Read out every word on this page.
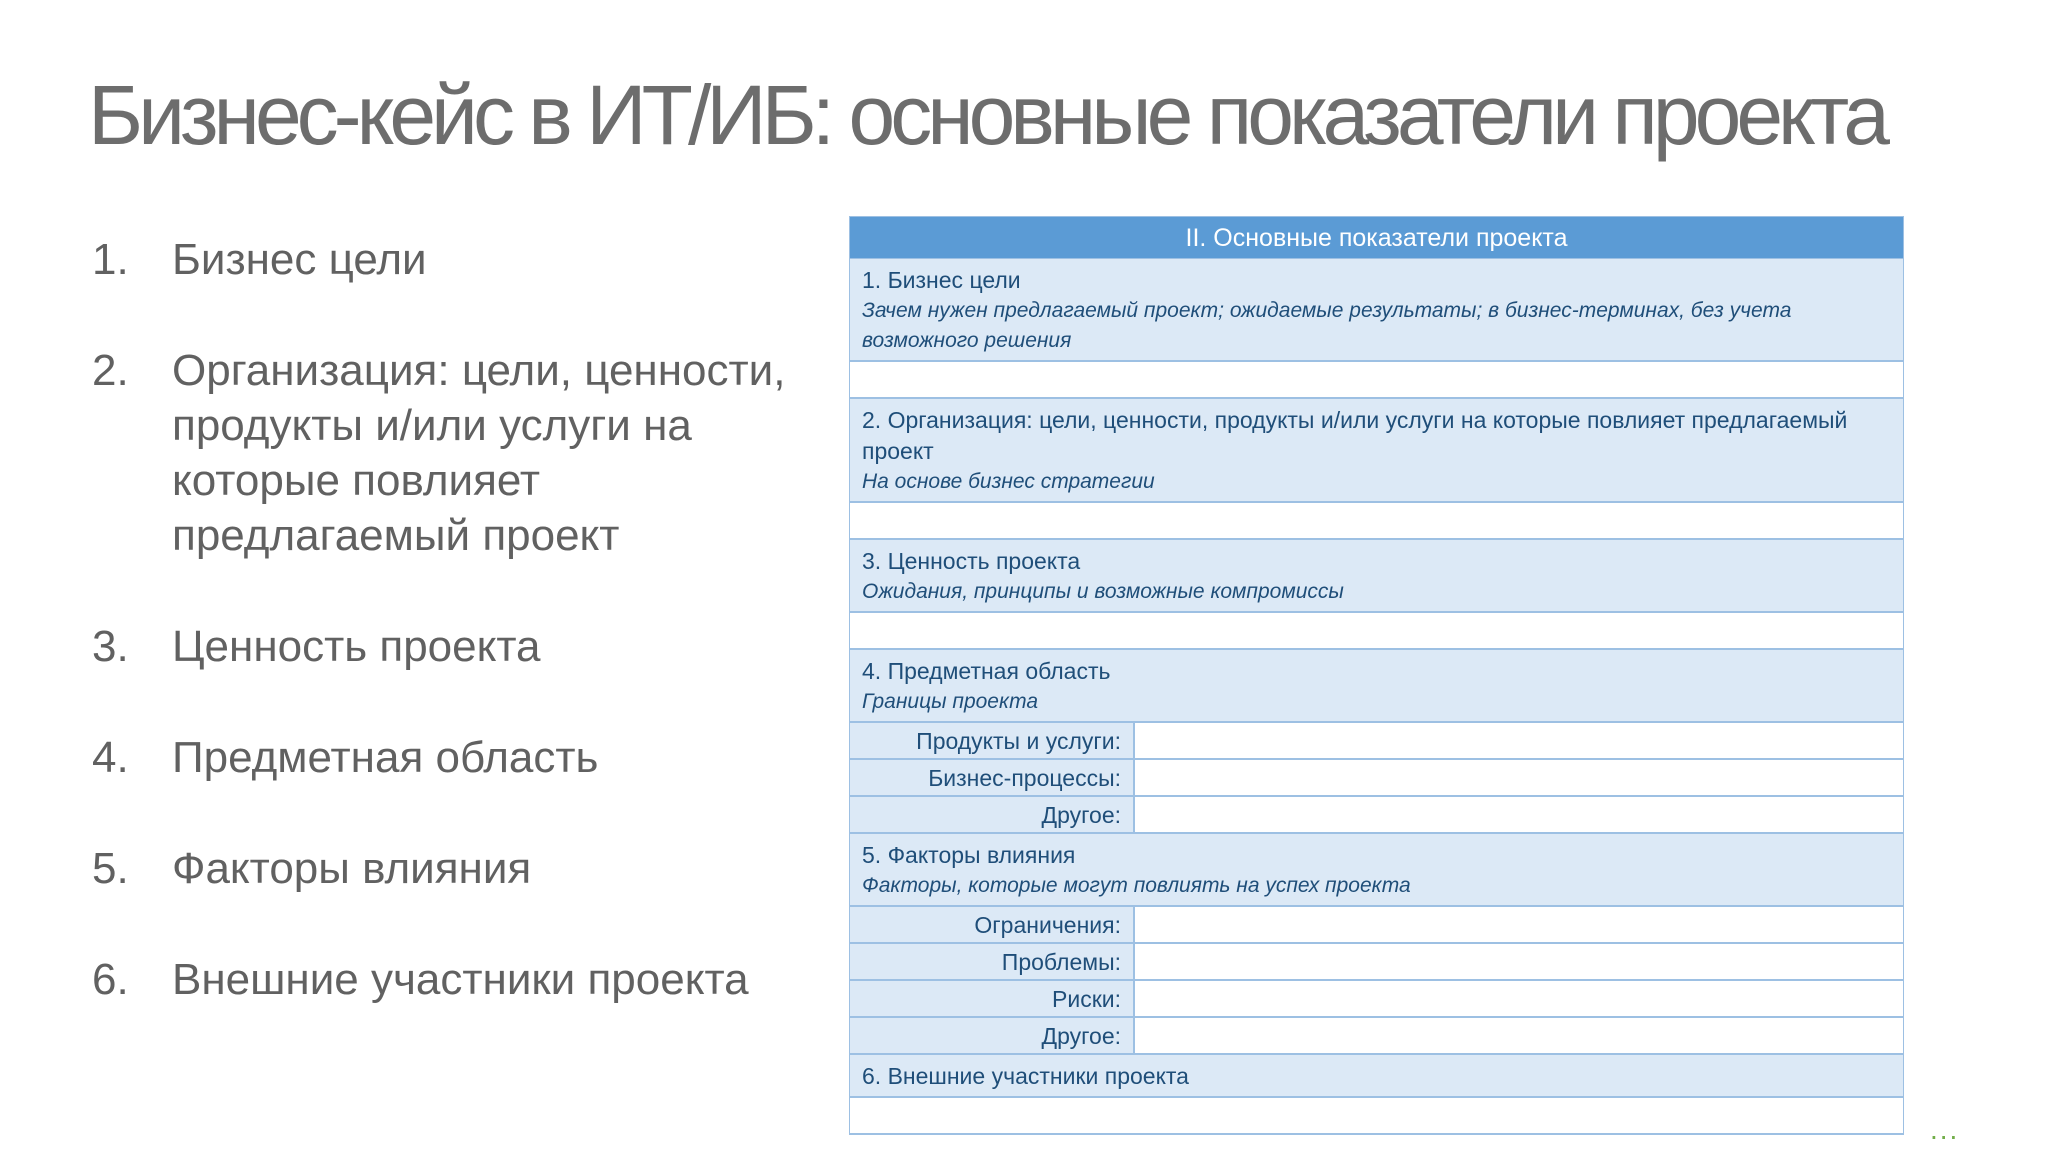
Бизнес-кейс в ИТ/ИБ: основные показатели проекта
1. Бизнес цели
2. Организация: цели, ценности, продукты и/или услуги на которые повлияет предлагаемый проект
3. Ценность проекта
4. Предметная область
5. Факторы влияния
6. Внешние участники проекта
II. Основные показатели проекта
1. Бизнес цели
Зачем нужен предлагаемый проект; ожидаемые результаты; в бизнес-терминах, без учета возможного решения
2. Организация: цели, ценности, продукты и/или услуги на которые повлияет предлагаемый проект
На основе бизнес стратегии
3. Ценность проекта
Ожидания, принципы и возможные компромиссы
4. Предметная область
Границы проекта
Продукты и услуги:
Бизнес-процессы:
Другое:
5. Факторы влияния
Факторы, которые могут повлиять на успех проекта
Ограничения:
Проблемы:
Риски:
Другое:
6. Внешние участники проекта
...
